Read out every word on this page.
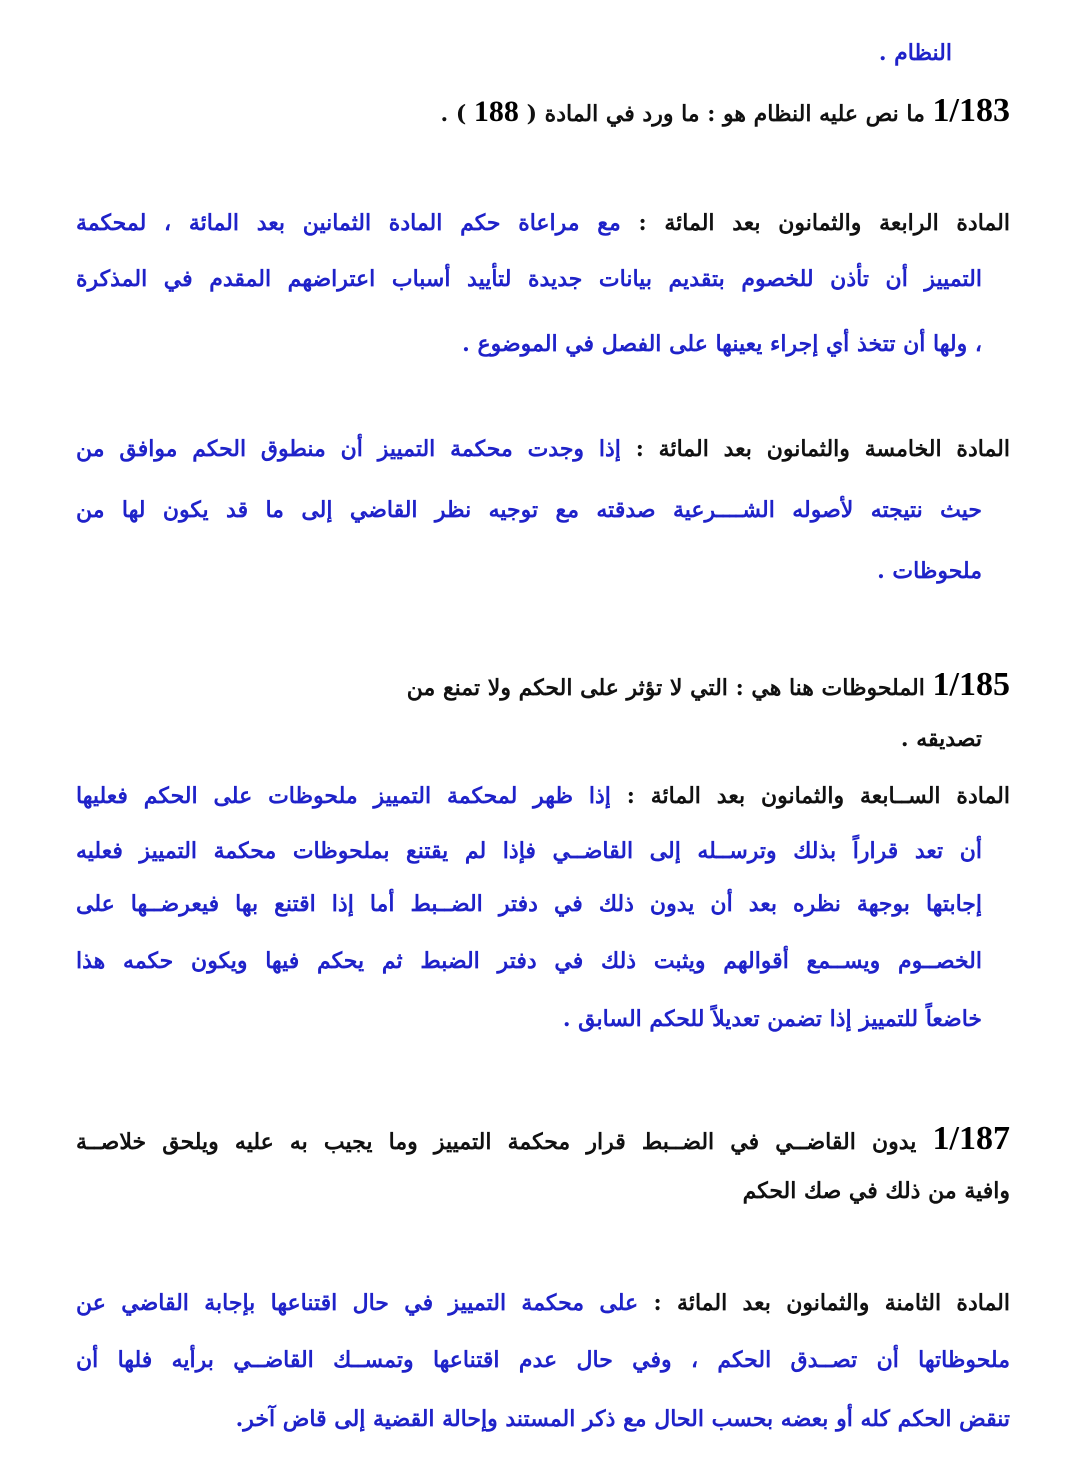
النظام .
1/183 ما نص عليه النظام هو : ما ورد في المادة ( 188 ) .
المادة الرابعة والثمانون بعد المائة : مع مراعاة حكم المادة الثمانين بعد المائة ، لمحكمة
التمييز أن تأذن للخصوم بتقديم بيانات جديدة لتأييد أسباب اعتراضهم المقدم في المذكرة
، ولها أن تتخذ أي إجراء يعينها على الفصل في الموضوع .
المادة الخامسة والثمانون بعد المائة : إذا وجدت محكمة التمييز أن منطوق الحكم موافق من
حيث نتيجته لأصوله الشــــرعية صدقته مع توجيه نظر القاضي إلى ما قد يكون لها من
ملحوظات .
1/185 الملحوظات هنا هي : التي لا تؤثر على الحكم ولا تمنع من
تصديقه .
المادة الســابعة والثمانون بعد المائة : إذا ظهر لمحكمة التمييز ملحوظات على الحكم فعليها
أن تعد قراراً بذلك وترســله إلى القاضــي فإذا لم يقتنع بملحوظات محكمة التمييز فعليه
إجابتها بوجهة نظره بعد أن يدون ذلك في دفتر الضــبط أما إذا اقتنع بها فيعرضــها على
الخصــوم ويســمع أقوالهم ويثبت ذلك في دفتر الضبط ثم يحكم فيها ويكون حكمه هذا
خاضعاً للتمييز إذا تضمن تعديلاً للحكم السابق .
1/187 يدون القاضــي في الضــبط قرار محكمة التمييز وما يجيب به عليه ويلحق خلاصــة
وافية من ذلك في صك الحكم
المادة الثامنة والثمانون بعد المائة : على محكمة التمييز في حال اقتناعها بإجابة القاضي عن
ملحوظاتها أن تصــدق الحكم ، وفي حال عدم اقتناعها وتمســك القاضــي برأيه فلها أن
تنقض الحكم كله أو بعضه بحسب الحال مع ذكر المستند وإحالة القضية إلى قاض آخر.
